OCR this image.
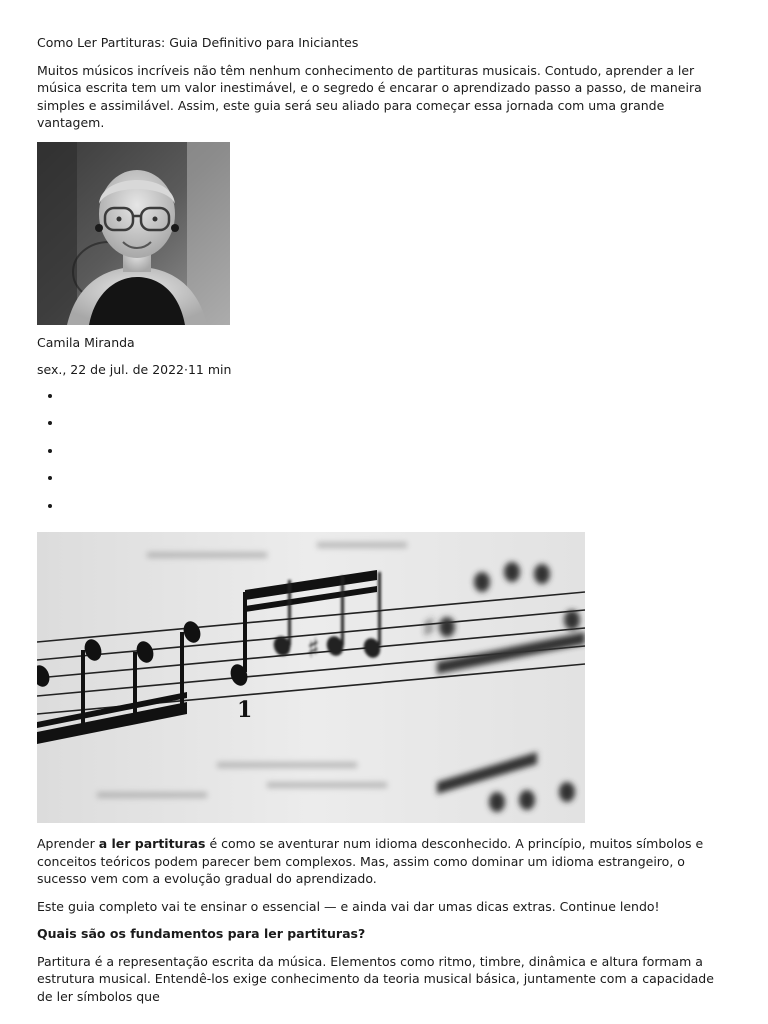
Como Ler Partituras: Guia Definitivo para Iniciantes

Muitos músicos incríveis não têm nenhum conhecimento de partituras musicais. Contudo, aprender a ler música escrita tem um valor inestimável, e o segredo é encarar o aprendizado passo a passo, de maneira simples e assimilável. Assim, este guia será seu aliado para começar essa jornada com uma grande vantagem.

Camila Miranda

sex., 22 de jul. de 2022·11 min

•
•
•
•
•
1
♯
♯

Aprender a ler partituras é como se aventurar num idioma desconhecido. A princípio, muitos símbolos e conceitos teóricos podem parecer bem complexos. Mas, assim como dominar um idioma estrangeiro, o sucesso vem com a evolução gradual do aprendizado.

Este guia completo vai te ensinar o essencial — e ainda vai dar umas dicas extras. Continue lendo!

Quais são os fundamentos para ler partituras?

Partitura é a representação escrita da música. Elementos como ritmo, timbre, dinâmica e altura formam a estrutura musical. Entendê-los exige conhecimento da teoria musical básica, juntamente com a capacidade de ler símbolos que
